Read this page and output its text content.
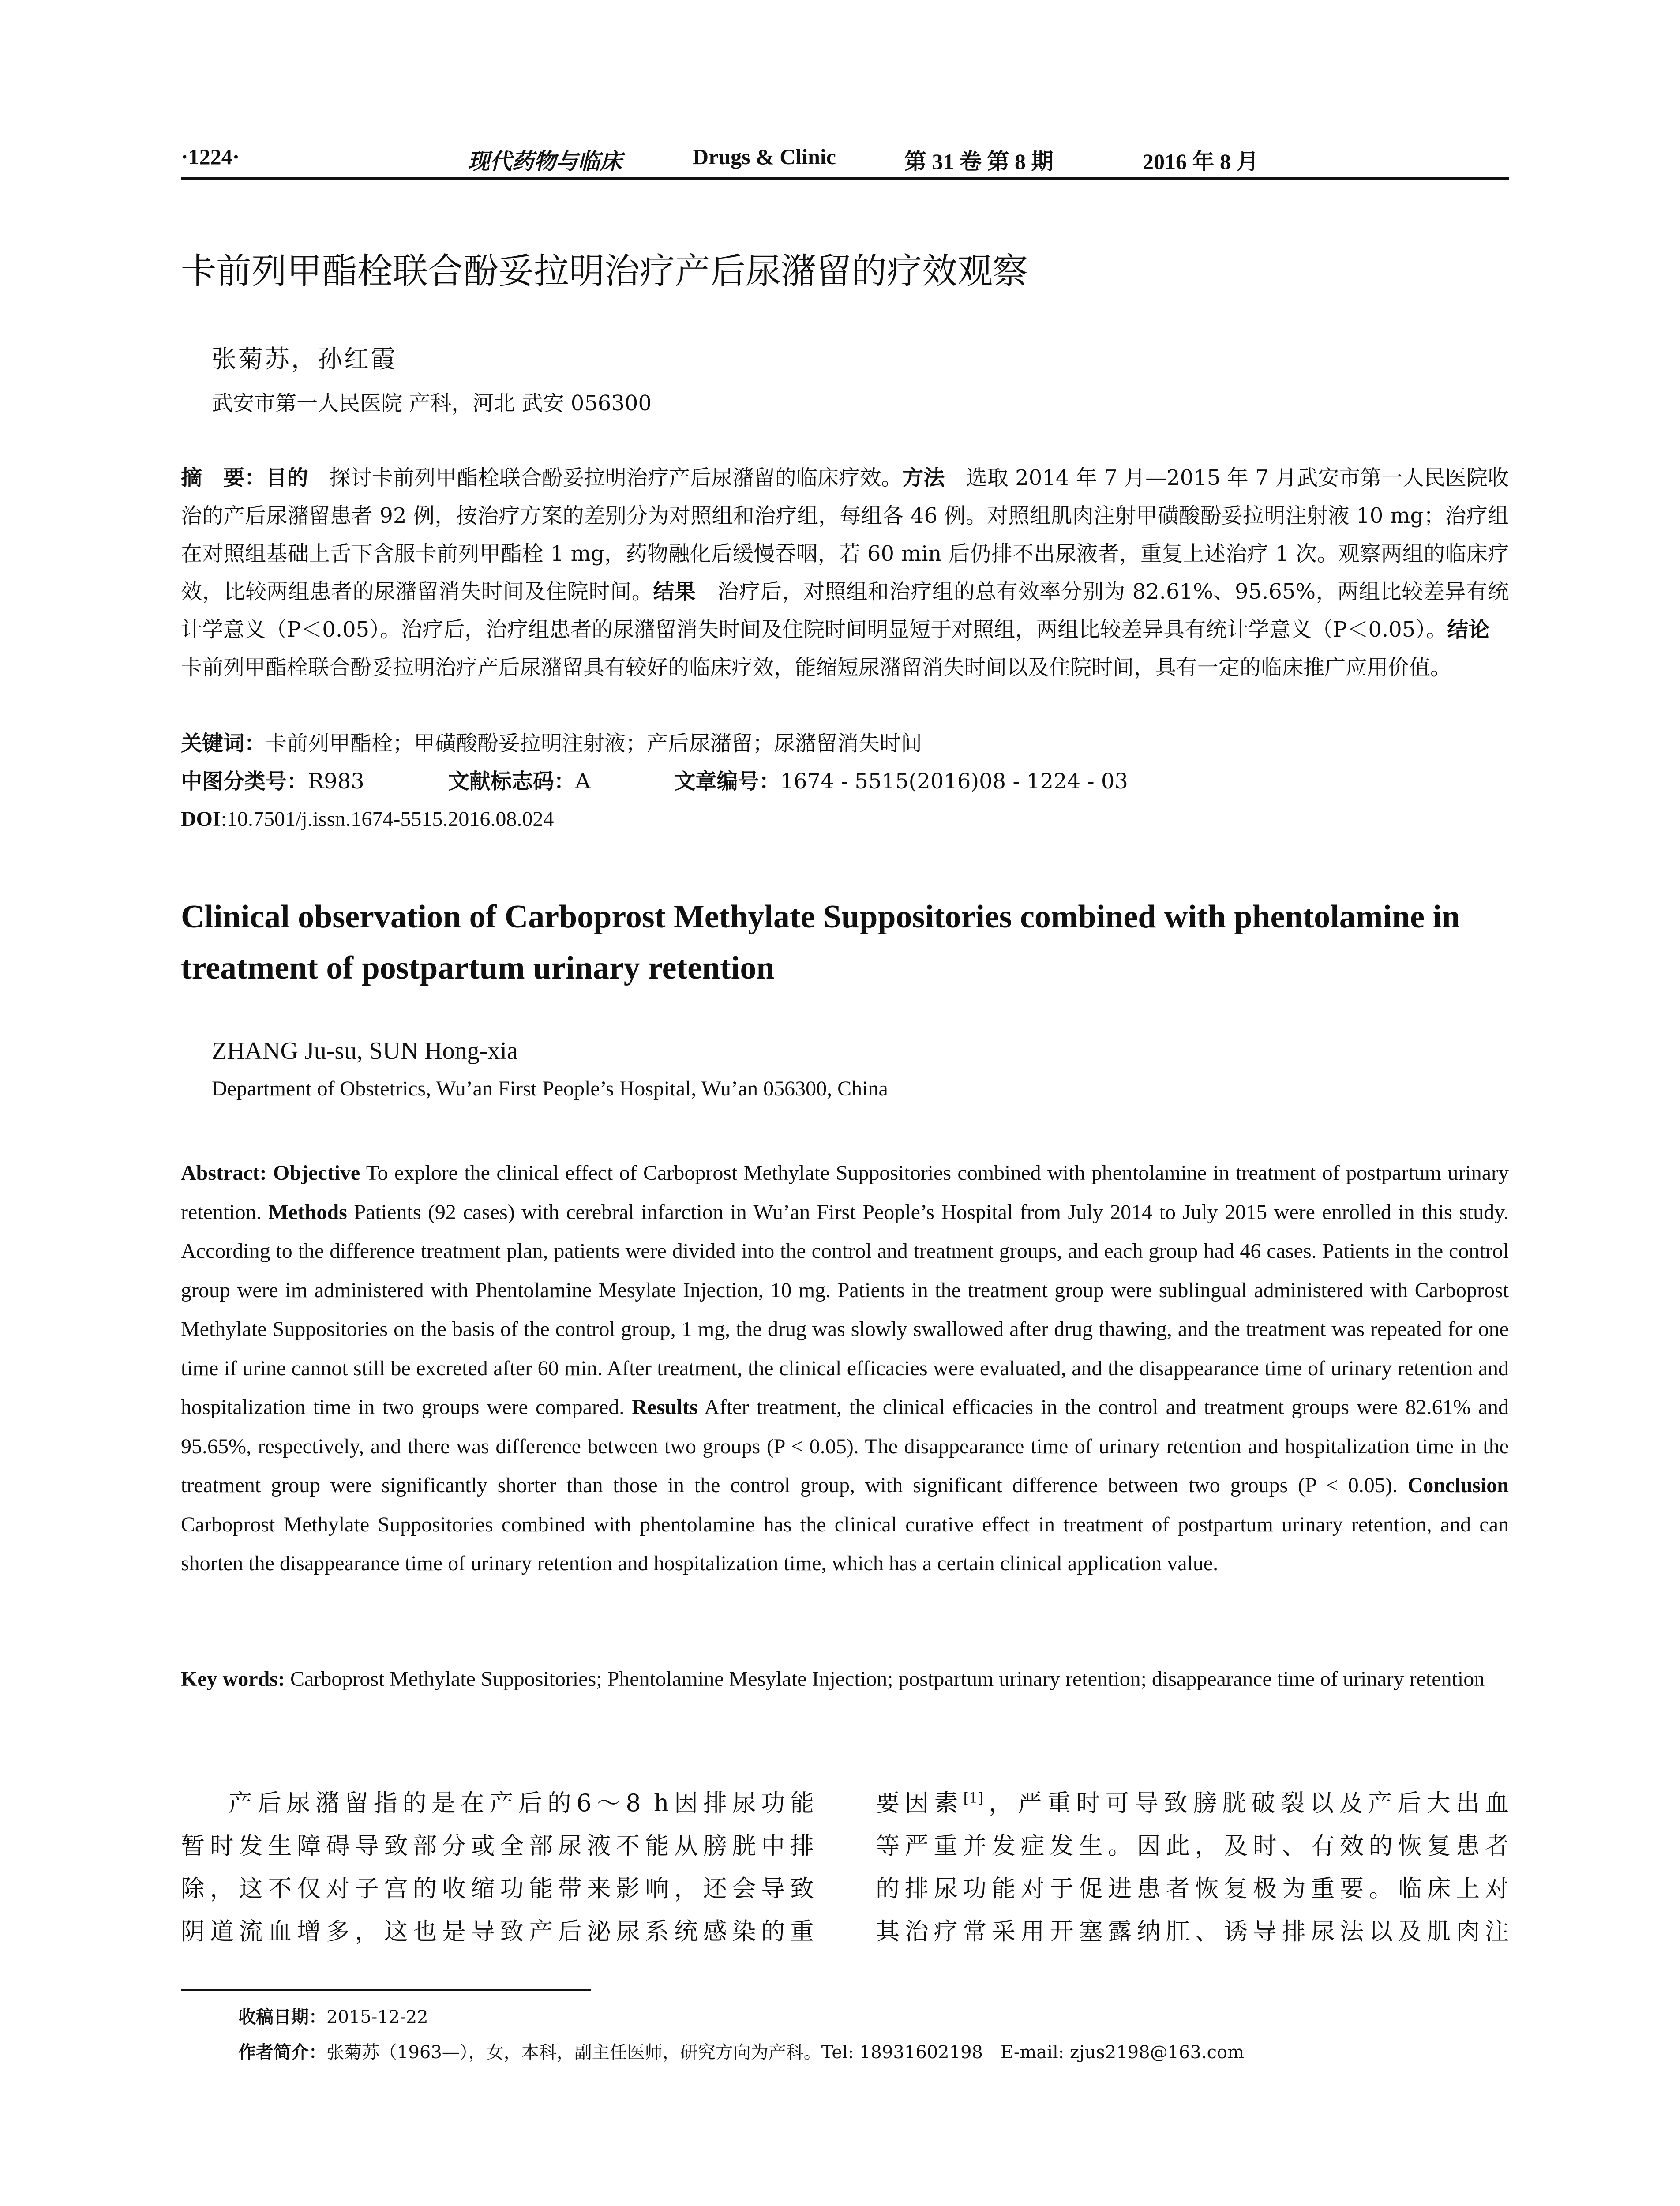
·1224·	现代药物与临床	Drugs & Clinic	第 31 卷 第 8 期	2016 年 8 月
卡前列甲酯栓联合酚妥拉明治疗产后尿潴留的疗效观察
张菊苏，孙红霞
武安市第一人民医院 产科，河北 武安 056300
摘　要：目的　探讨卡前列甲酯栓联合酚妥拉明治疗产后尿潴留的临床疗效。方法　选取 2014 年 7 月—2015 年 7 月武安市第一人民医院收治的产后尿潴留患者 92 例，按治疗方案的差别分为对照组和治疗组，每组各 46 例。对照组肌肉注射甲磺酸酚妥拉明注射液 10 mg；治疗组在对照组基础上舌下含服卡前列甲酯栓 1 mg，药物融化后缓慢吞咽，若 60 min 后仍排不出尿液者，重复上述治疗 1 次。观察两组的临床疗效，比较两组患者的尿潴留消失时间及住院时间。结果　治疗后，对照组和治疗组的总有效率分别为 82.61%、95.65%，两组比较差异有统计学意义（P＜0.05）。治疗后，治疗组患者的尿潴留消失时间及住院时间明显短于对照组，两组比较差异具有统计学意义（P＜0.05）。结论　卡前列甲酯栓联合酚妥拉明治疗产后尿潴留具有较好的临床疗效，能缩短尿潴留消失时间以及住院时间，具有一定的临床推广应用价值。
关键词：卡前列甲酯栓；甲磺酸酚妥拉明注射液；产后尿潴留；尿潴留消失时间
中图分类号：R983	文献标志码：A	文章编号：1674 - 5515(2016)08 - 1224 - 03
DOI:10.7501/j.issn.1674-5515.2016.08.024
Clinical observation of Carboprost Methylate Suppositories combined with phentolamine in treatment of postpartum urinary retention
ZHANG Ju-su, SUN Hong-xia
Department of Obstetrics, Wu’an First People’s Hospital, Wu’an 056300, China
Abstract: Objective To explore the clinical effect of Carboprost Methylate Suppositories combined with phentolamine in treatment of postpartum urinary retention. Methods Patients (92 cases) with cerebral infarction in Wu’an First People’s Hospital from July 2014 to July 2015 were enrolled in this study. According to the difference treatment plan, patients were divided into the control and treatment groups, and each group had 46 cases. Patients in the control group were im administered with Phentolamine Mesylate Injection, 10 mg. Patients in the treatment group were sublingual administered with Carboprost Methylate Suppositories on the basis of the control group, 1 mg, the drug was slowly swallowed after drug thawing, and the treatment was repeated for one time if urine cannot still be excreted after 60 min. After treatment, the clinical efficacies were evaluated, and the disappearance time of urinary retention and hospitalization time in two groups were compared. Results After treatment, the clinical efficacies in the control and treatment groups were 82.61% and 95.65%, respectively, and there was difference between two groups (P < 0.05). The disappearance time of urinary retention and hospitalization time in the treatment group were significantly shorter than those in the control group, with significant difference between two groups (P < 0.05). Conclusion Carboprost Methylate Suppositories combined with phentolamine has the clinical curative effect in treatment of postpartum urinary retention, and can shorten the disappearance time of urinary retention and hospitalization time, which has a certain clinical application value.
Key words: Carboprost Methylate Suppositories; Phentolamine Mesylate Injection; postpartum urinary retention; disappearance time of urinary retention

产后尿潴留指的是在产后的6～8 h因排尿功能

暂时发生障碍导致部分或全部尿液不能从膀胱中排

除，这不仅对子宫的收缩功能带来影响，还会导致

阴道流血增多，这也是导致产后泌尿系统感染的重

要因素[1]，严重时可导致膀胱破裂以及产后大出血

等严重并发症发生。因此，及时、有效的恢复患者

的排尿功能对于促进患者恢复极为重要。临床上对

其治疗常采用开塞露纳肛、诱导排尿法以及肌肉注

收稿日期：2015-12-22
作者简介：张菊苏（1963—），女，本科，副主任医师，研究方向为产科。Tel: 18931602198　E-mail: zjus2198@163.com
